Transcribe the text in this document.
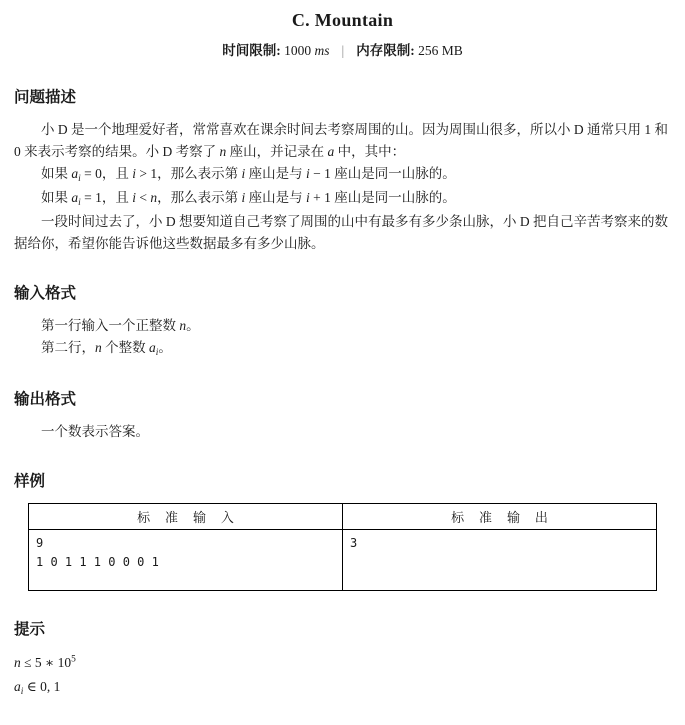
C. Mountain
时间限制: 1000 ms | 内存限制: 256 MB
问题描述

小 D 是一个地理爱好者，常常喜欢在课余时间去考察周围的山。因为周围山很多，所以小 D 通常只用 1 和 0 来表示考察的结果。小 D 考察了 n 座山，并记录在 a 中，其中：

如果 $a_i = 0$，且 i > 1，那么表示第 i 座山是与 i − 1 座山是同一山脉的。

如果 $a_i = 1$，且 i < n，那么表示第 i 座山是与 i + 1 座山是同一山脉的。

一段时间过去了，小 D 想要知道自己考察了周围的山中有最多有多少条山脉，小 D 把自己辛苦考察来的数据给你，希望你能告诉他这些数据最多有多少山脉。

输入格式

第一行输入一个正整数 n。

第二行，n 个整数 $a_i$。

输出格式

一个数表示答案。

样例
标 准 输 入	标 准 输 出

9
1 0 1 1 1 0 0 0 1	3
提示

n ≤ 5 ∗ $10^5$

$a_i$ ∈ 0, 1
